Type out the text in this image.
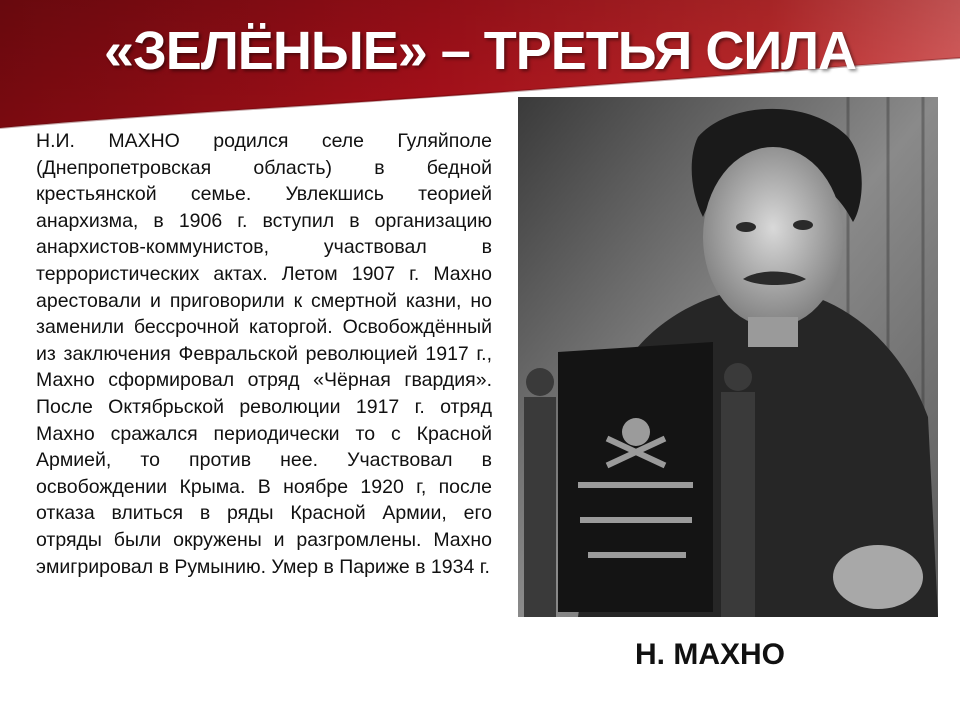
«ЗЕЛЁНЫЕ» – ТРЕТЬЯ СИЛА
Н.И. МАХНО родился селе Гуляйполе (Днепропетровская область) в бедной крестьянской семье. Увлекшись теорией анархизма, в 1906 г. вступил в организацию анархистов-коммунистов, участвовал в террористических актах. Летом 1907 г. Махно арестовали и приговорили к смертной казни, но заменили бессрочной каторгой. Освобождённый из заключения Февральской революцией 1917 г., Махно сформировал отряд «Чёрная гвардия». После Октябрьской революции 1917 г. отряд Махно сражался периодически то с Красной Армией, то против нее. Участвовал в освобождении Крыма. В ноябре 1920 г, после отказа влиться в ряды Красной Армии, его отряды были окружены и разгромлены. Махно эмигрировал в Румынию. Умер в Париже в 1934 г.
Н. МАХНО
